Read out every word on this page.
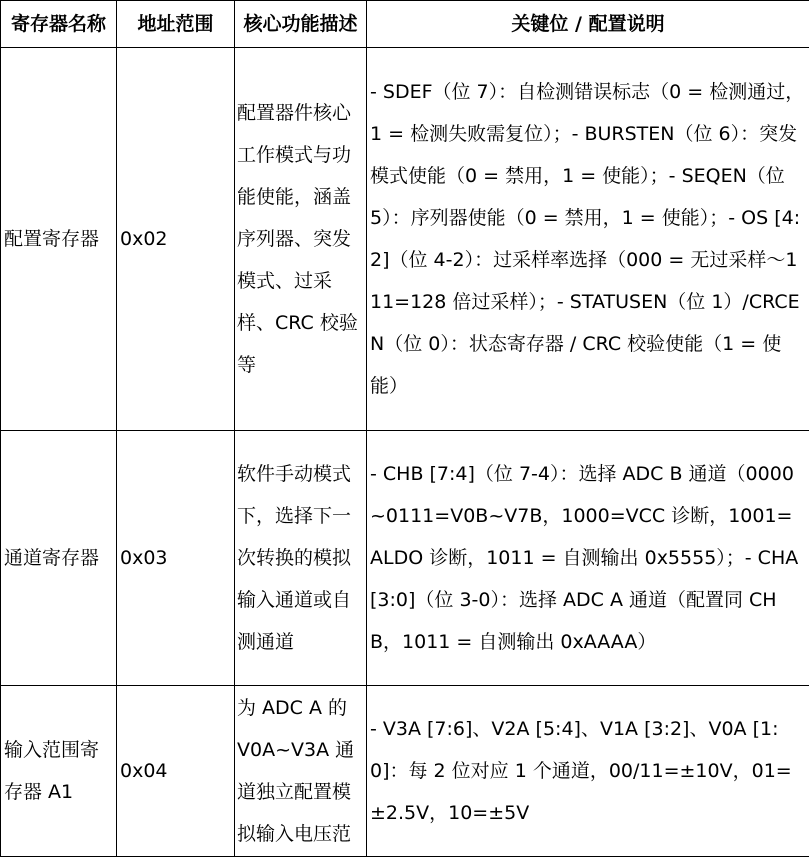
寄存器名称	地址范围	核心功能描述	关键位 / 配置说明
配置寄存器	0x02	配置器件核心工作模式与功能使能，涵盖序列器、突发模式、过采样、CRC 校验等	- SDEF（位 7）：自检测错误标志（0 = 检测通过，1 = 检测失败需复位）；- BURSTEN（位 6）：突发模式使能（0 = 禁用，1 = 使能）；- SEQEN（位 5）：序列器使能（0 = 禁用，1 = 使能）；- OS [4:2]（位 4-2）：过采样率选择（000 = 无过采样～111=128 倍过采样）；- STATUSEN（位 1）/CRCEN（位 0）：状态寄存器 / CRC 校验使能（1 = 使能）
通道寄存器	0x03	软件手动模式下，选择下一次转换的模拟输入通道或自测通道	- CHB [7:4]（位 7-4）：选择 ADC B 通道（0000~0111=V0B~V7B，1000=VCC 诊断，1001=ALDO 诊断，1011 = 自测输出 0x5555）；- CHA [3:0]（位 3-0）：选择 ADC A 通道（配置同 CHB，1011 = 自测输出 0xAAAA）
输入范围寄存器 A1	0x04	为 ADC A 的 V0A~V3A 通道独立配置模拟输入电压范	- V3A [7:6]、V2A [5:4]、V1A [3:2]、V0A [1:0]：每 2 位对应 1 个通道，00/11=±10V，01=±2.5V，10=±5V
